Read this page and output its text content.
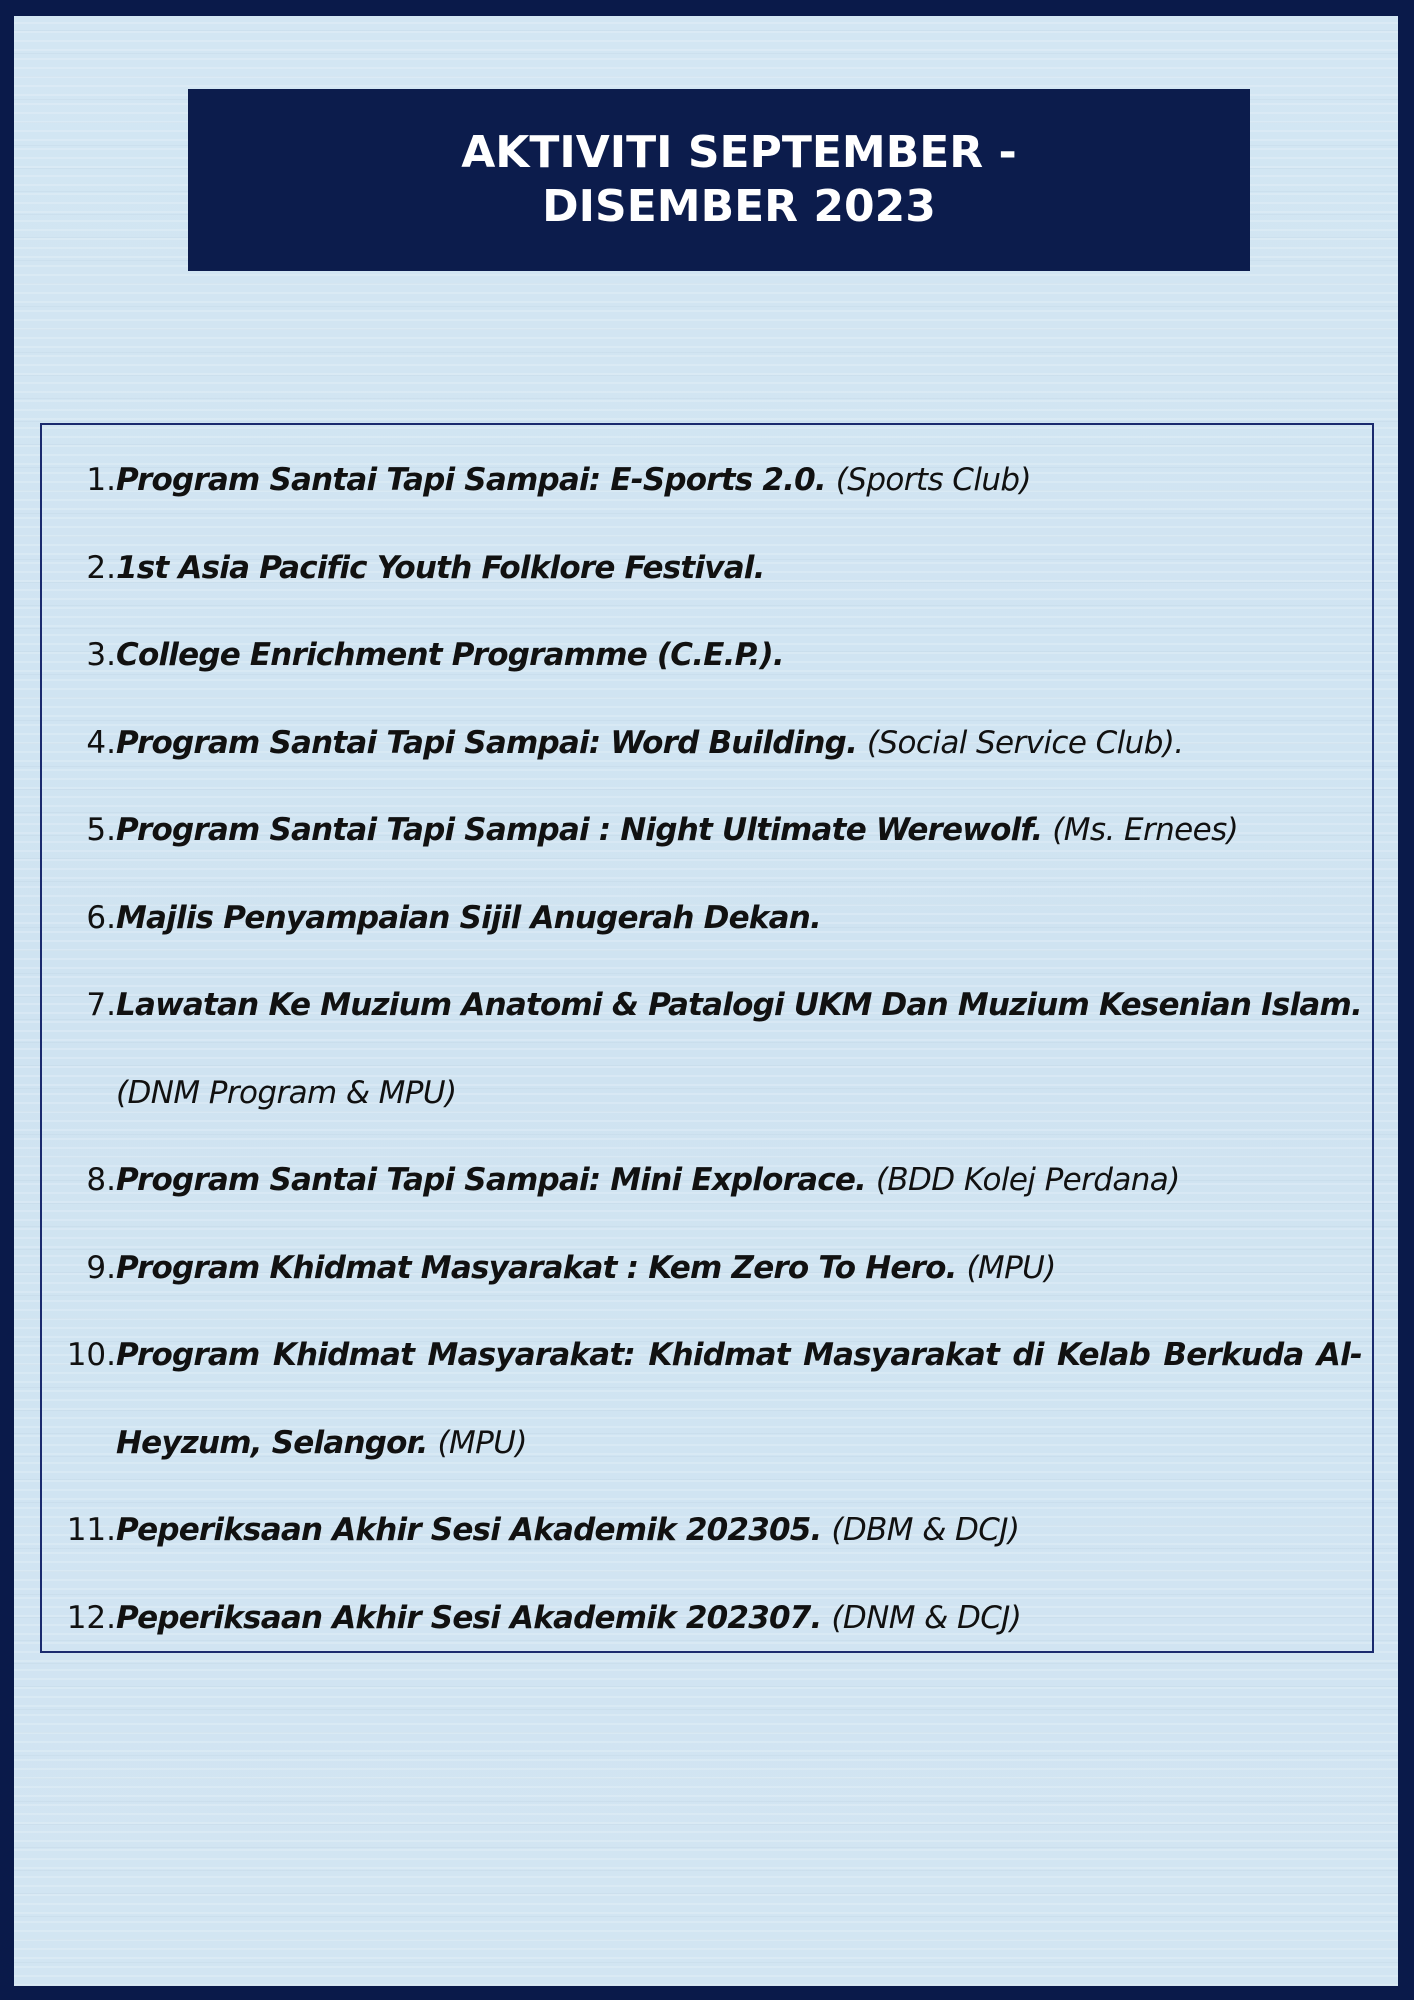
AKTIVITI SEPTEMBER - DISEMBER 2023
1. Program Santai Tapi Sampai: E-Sports 2.0. (Sports Club)
2. 1st Asia Pacific Youth Folklore Festival.
3. College Enrichment Programme (C.E.P.).
4. Program Santai Tapi Sampai: Word Building. (Social Service Club).
5. Program Santai Tapi Sampai : Night Ultimate Werewolf. (Ms. Ernees)
6. Majlis Penyampaian Sijil Anugerah Dekan.
7. Lawatan Ke Muzium Anatomi & Patalogi UKM Dan Muzium Kesenian Islam. (DNM Program & MPU)
8. Program Santai Tapi Sampai: Mini Explorace. (BDD Kolej Perdana)
9. Program Khidmat Masyarakat : Kem Zero To Hero. (MPU)
10. Program Khidmat Masyarakat: Khidmat Masyarakat di Kelab Berkuda Al-Heyzum, Selangor. (MPU)
11. Peperiksaan Akhir Sesi Akademik 202305. (DBM & DCJ)
12. Peperiksaan Akhir Sesi Akademik 202307. (DNM & DCJ)
